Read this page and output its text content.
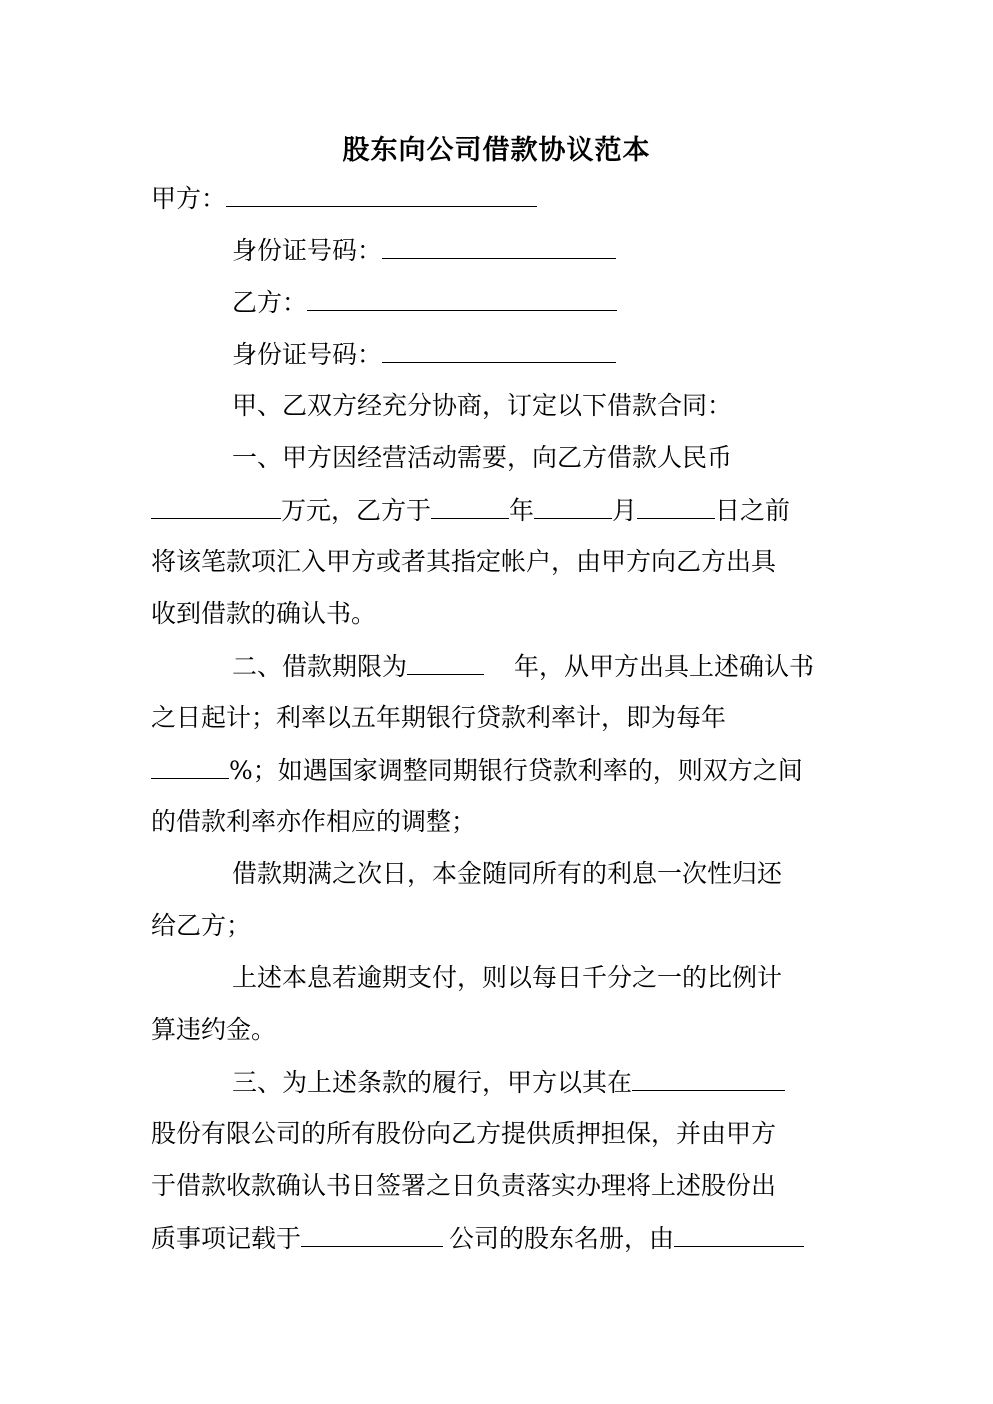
股东向公司借款协议范本
甲方：
身份证号码：
乙方：
身份证号码：
甲、乙双方经充分协商，订定以下借款合同：
一、甲方因经营活动需要，向乙方借款人民币
万元，乙方于	年	月	日之前
将该笔款项汇入甲方或者其指定帐户，由甲方向乙方出具
收到借款的确认书。
二、借款期限为	年，从甲方出具上述确认书
之日起计；利率以五年期银行贷款利率计，即为每年
%；如遇国家调整同期银行贷款利率的，则双方之间
的借款利率亦作相应的调整；
借款期满之次日，本金随同所有的利息一次性归还
给乙方；
上述本息若逾期支付，则以每日千分之一的比例计
算违约金。
三、为上述条款的履行，甲方以其在
股份有限公司的所有股份向乙方提供质押担保，并由甲方
于借款收款确认书日签署之日负责落实办理将上述股份出
质事项记载于	公司的股东名册，由
